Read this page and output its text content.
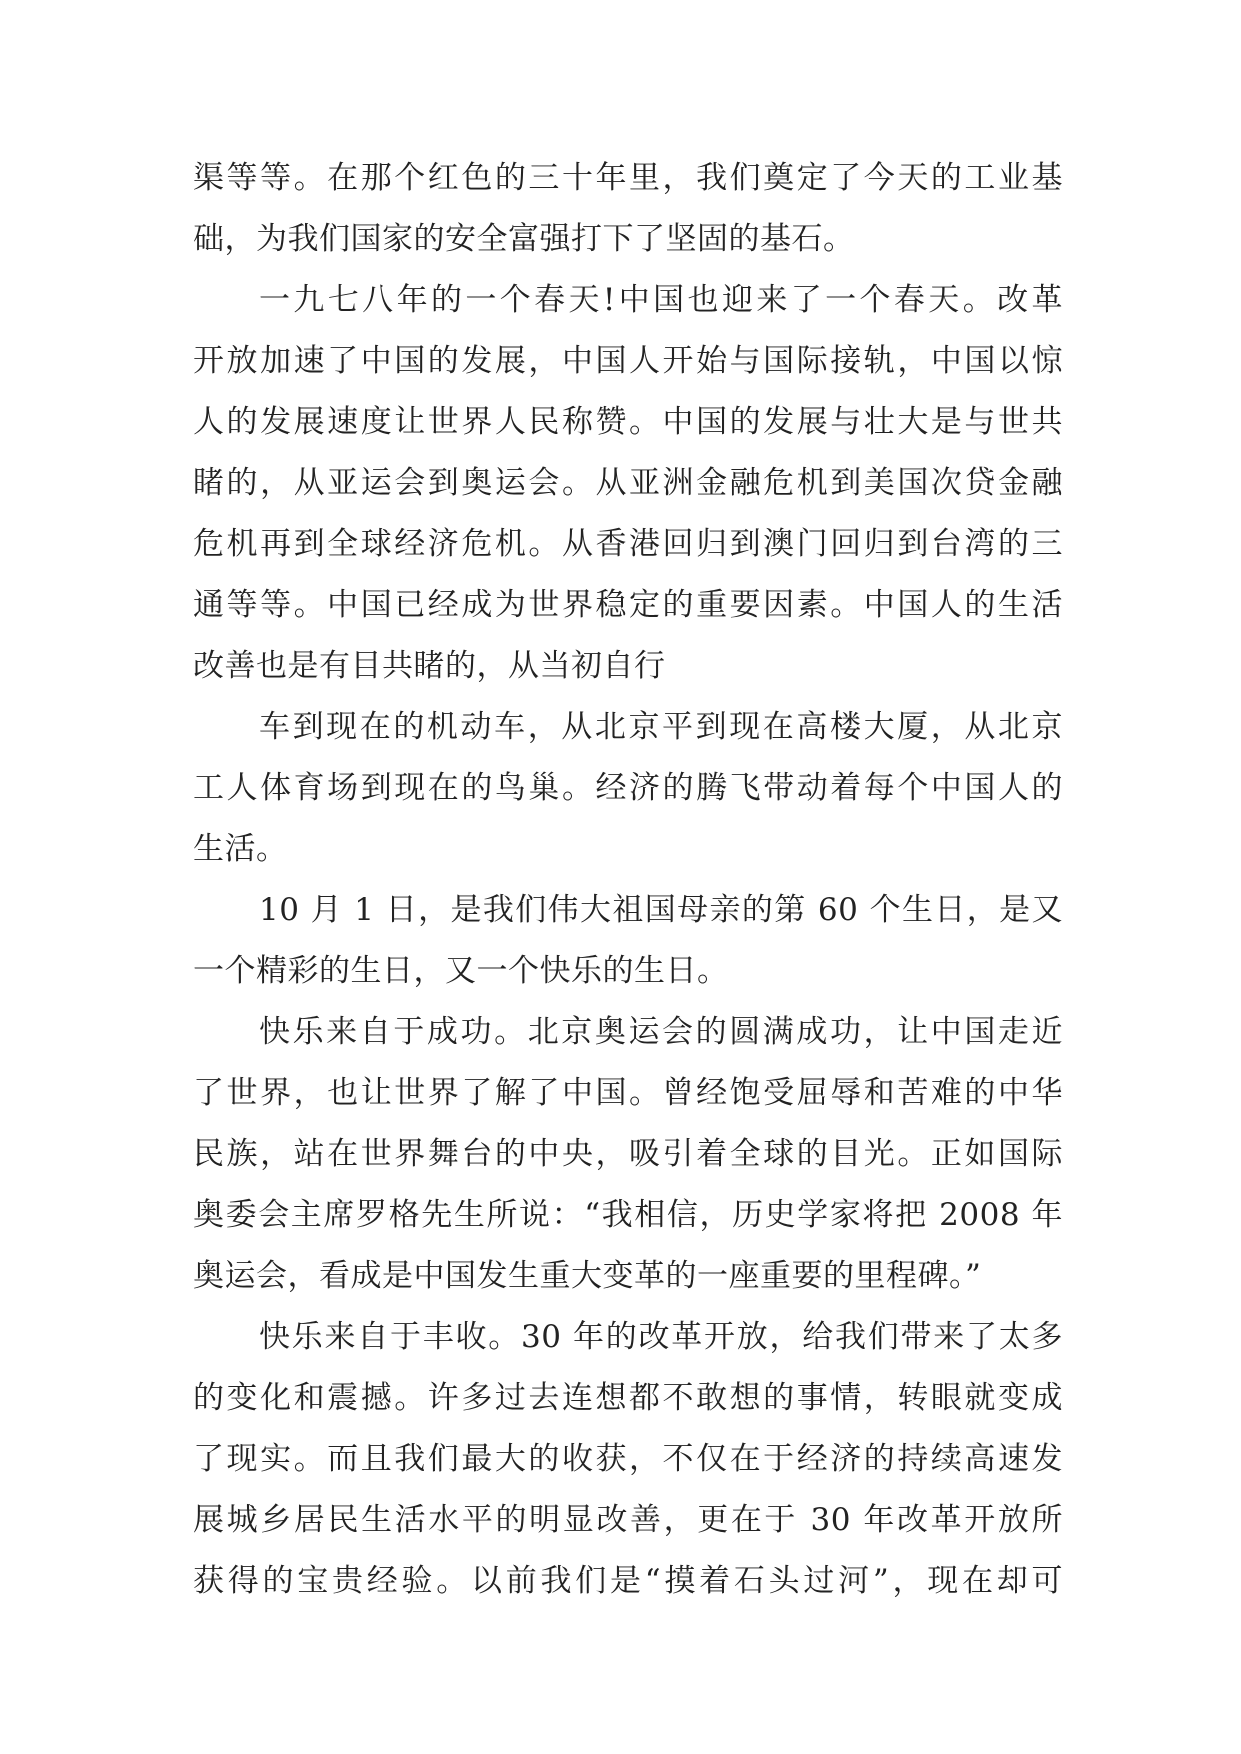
渠等等。在那个红色的三十年里，我们奠定了今天的工业基
础，为我们国家的安全富强打下了坚固的基石。
一九七八年的一个春天!中国也迎来了一个春天。改革
开放加速了中国的发展，中国人开始与国际接轨，中国以惊
人的发展速度让世界人民称赞。中国的发展与壮大是与世共
睹的，从亚运会到奥运会。从亚洲金融危机到美国次贷金融
危机再到全球经济危机。从香港回归到澳门回归到台湾的三
通等等。中国已经成为世界稳定的重要因素。中国人的生活
改善也是有目共睹的，从当初自行
车到现在的机动车，从北京平到现在高楼大厦，从北京
工人体育场到现在的鸟巢。经济的腾飞带动着每个中国人的
生活。
10 月 1 日，是我们伟大祖国母亲的第 60 个生日，是又
一个精彩的生日，又一个快乐的生日。
快乐来自于成功。北京奥运会的圆满成功，让中国走近
了世界，也让世界了解了中国。曾经饱受屈辱和苦难的中华
民族，站在世界舞台的中央，吸引着全球的目光。正如国际
奥委会主席罗格先生所说：“我相信，历史学家将把 2008 年
奥运会，看成是中国发生重大变革的一座重要的里程碑。”
快乐来自于丰收。30 年的改革开放，给我们带来了太多
的变化和震撼。许多过去连想都不敢想的事情，转眼就变成
了现实。而且我们最大的收获，不仅在于经济的持续高速发
展城乡居民生活水平的明显改善，更在于 30 年改革开放所
获得的宝贵经验。以前我们是“摸着石头过河”，现在却可
